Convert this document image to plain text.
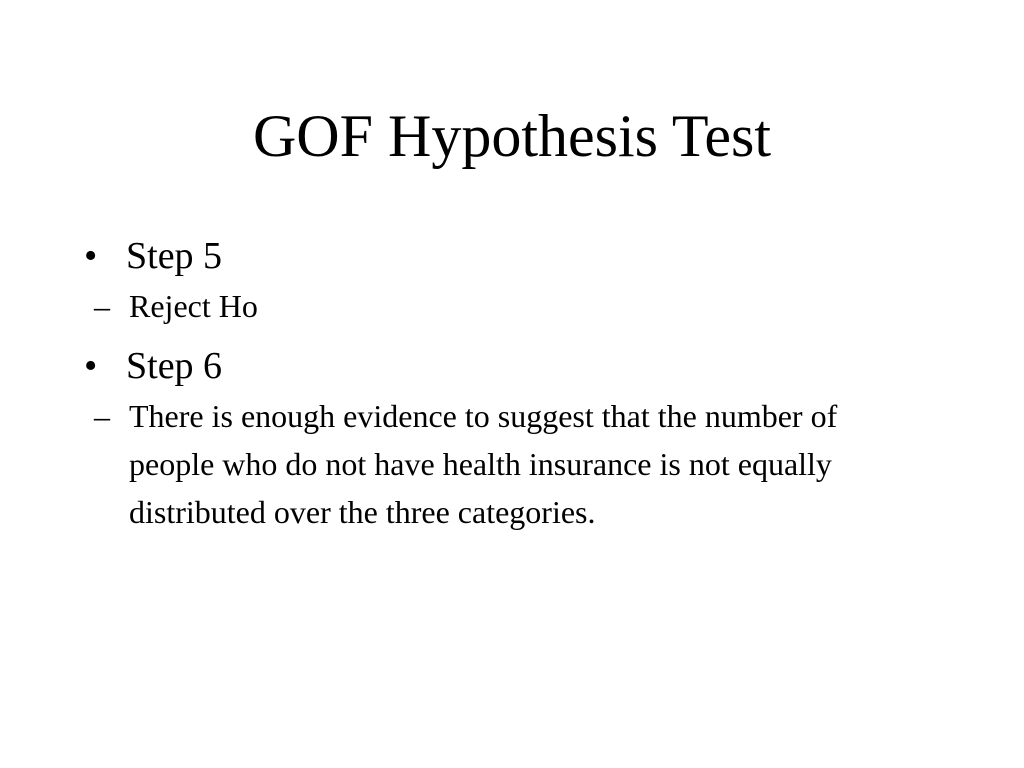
GOF Hypothesis Test
• Step 5
– Reject Ho
• Step 6
– There is enough evidence to suggest that the number of people who do not have health insurance is not equally distributed over the three categories.
